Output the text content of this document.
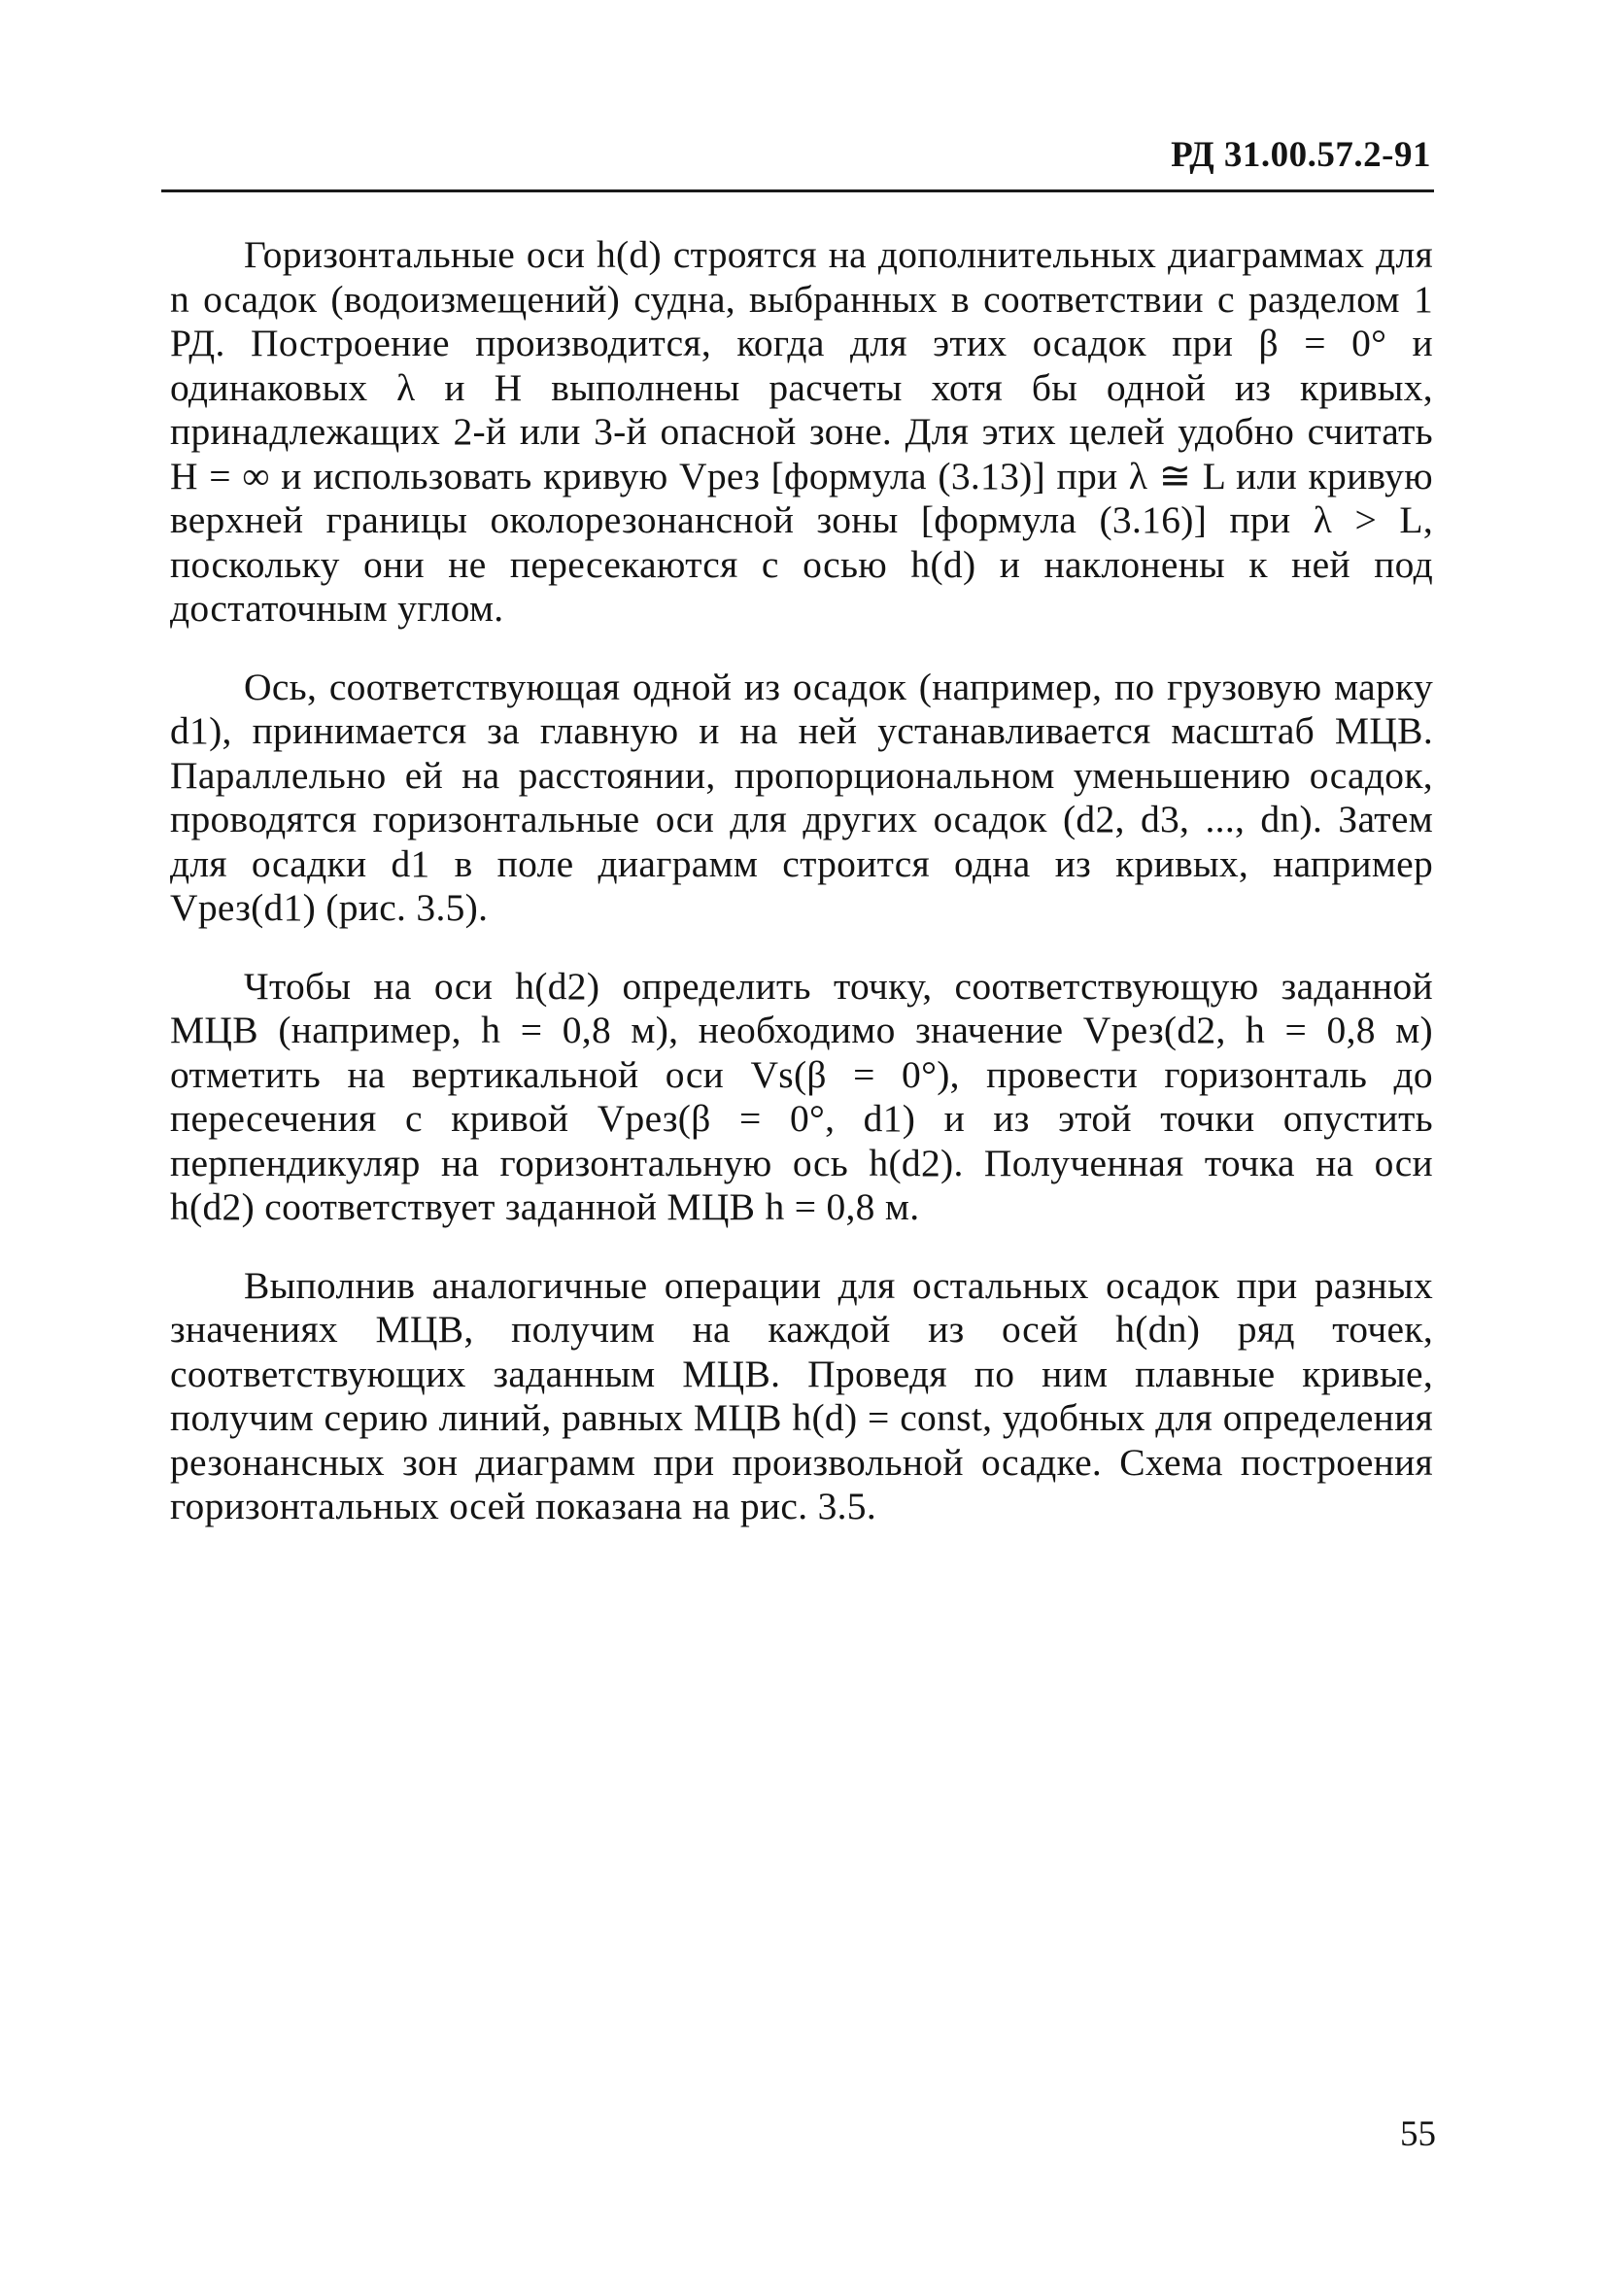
РД 31.00.57.2-91

Горизонтальные оси h(d) строятся на дополнительных диаграммах для n осадок (водоизмещений) судна, выбранных в соответствии с разделом 1 РД. Построение производится, когда для этих осадок при β = 0° и одинаковых λ и H выполнены расчеты хотя бы одной из кривых, принадлежащих 2-й или 3-й опасной зоне. Для этих целей удобно считать H = ∞ и использовать кривую Vрез [формула (3.13)] при λ ≅ L или кривую верхней границы околорезонансной зоны [формула (3.16)] при λ > L, поскольку они не пересекаются с осью h(d) и наклонены к ней под достаточным углом.

Ось, соответствующая одной из осадок (например, по грузовую марку d1), принимается за главную и на ней устанавливается масштаб МЦВ. Параллельно ей на расстоянии, пропорциональном уменьшению осадок, проводятся горизонтальные оси для других осадок (d2, d3, ..., dn). Затем для осадки d1 в поле диаграмм строится одна из кривых, например Vрез(d1) (рис. 3.5).

Чтобы на оси h(d2) определить точку, соответствующую заданной МЦВ (например, h = 0,8 м), необходимо значение Vрез(d2, h = 0,8 м) отметить на вертикальной оси Vs(β = 0°), провести горизонталь до пересечения с кривой Vрез(β = 0°, d1) и из этой точки опустить перпендикуляр на горизонтальную ось h(d2). Полученная точка на оси h(d2) соответствует заданной МЦВ h = 0,8 м.

Выполнив аналогичные операции для остальных осадок при разных значениях МЦВ, получим на каждой из осей h(dn) ряд точек, соответствующих заданным МЦВ. Проведя по ним плавные кривые, получим серию линий, равных МЦВ h(d) = const, удобных для определения резонансных зон диаграмм при произвольной осадке. Схема построения горизонтальных осей показана на рис. 3.5.

55
